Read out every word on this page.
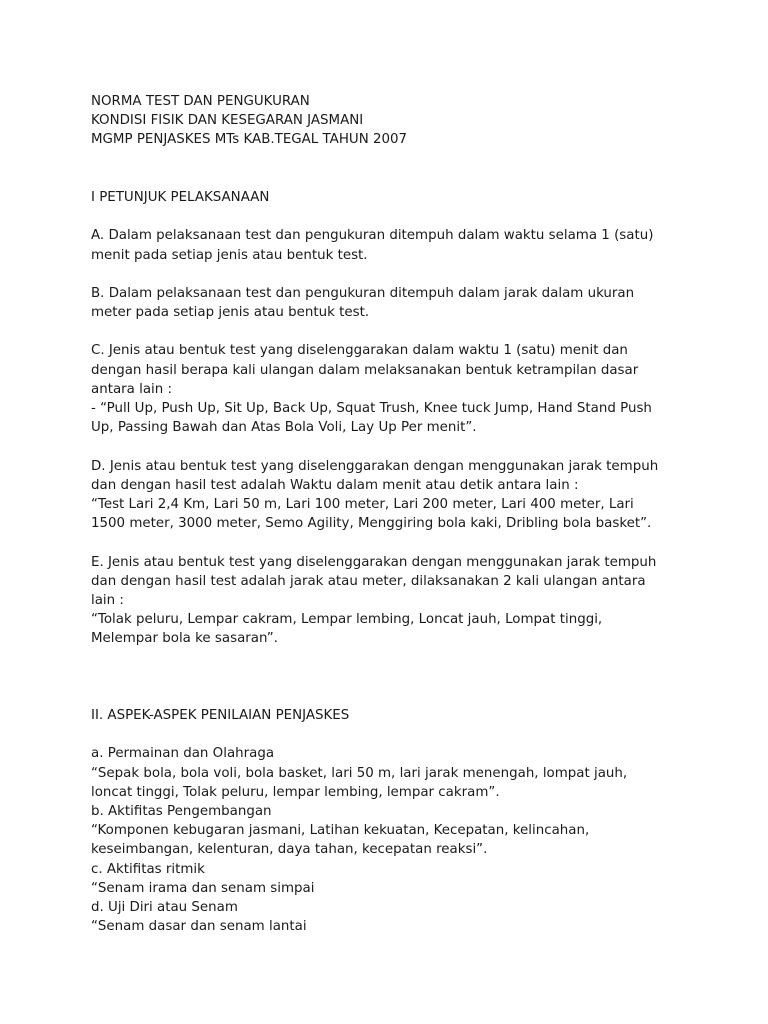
NORMA TEST DAN PENGUKURAN
KONDISI FISIK DAN KESEGARAN JASMANI
MGMP PENJASKES MTs KAB.TEGAL TAHUN 2007
I PETUNJUK PELAKSANAAN
A. Dalam pelaksanaan test dan pengukuran ditempuh dalam waktu selama 1 (satu)
menit pada setiap jenis atau bentuk test.
B. Dalam pelaksanaan test dan pengukuran ditempuh dalam jarak dalam ukuran
meter pada setiap jenis atau bentuk test.
C. Jenis atau bentuk test yang diselenggarakan dalam waktu 1 (satu) menit dan
dengan hasil berapa kali ulangan dalam melaksanakan bentuk ketrampilan dasar
antara lain :
- “Pull Up, Push Up, Sit Up, Back Up, Squat Trush, Knee tuck Jump, Hand Stand Push
Up, Passing Bawah dan Atas Bola Voli, Lay Up Per menit”.
D. Jenis atau bentuk test yang diselenggarakan dengan menggunakan jarak tempuh
dan dengan hasil test adalah Waktu dalam menit atau detik antara lain :
“Test Lari 2,4 Km, Lari 50 m, Lari 100 meter, Lari 200 meter, Lari 400 meter, Lari
1500 meter, 3000 meter, Semo Agility, Menggiring bola kaki, Dribling bola basket”.
E. Jenis atau bentuk test yang diselenggarakan dengan menggunakan jarak tempuh
dan dengan hasil test adalah jarak atau meter, dilaksanakan 2 kali ulangan antara
lain :
“Tolak peluru, Lempar cakram, Lempar lembing, Loncat jauh, Lompat tinggi,
Melempar bola ke sasaran”.
II. ASPEK-ASPEK PENILAIAN PENJASKES
a. Permainan dan Olahraga
“Sepak bola, bola voli, bola basket, lari 50 m, lari jarak menengah, lompat jauh,
loncat tinggi, Tolak peluru, lempar lembing, lempar cakram”.
b. Aktifitas Pengembangan
“Komponen kebugaran jasmani, Latihan kekuatan, Kecepatan, kelincahan,
keseimbangan, kelenturan, daya tahan, kecepatan reaksi”.
c. Aktifitas ritmik
“Senam irama dan senam simpai
d. Uji Diri atau Senam
“Senam dasar dan senam lantai
